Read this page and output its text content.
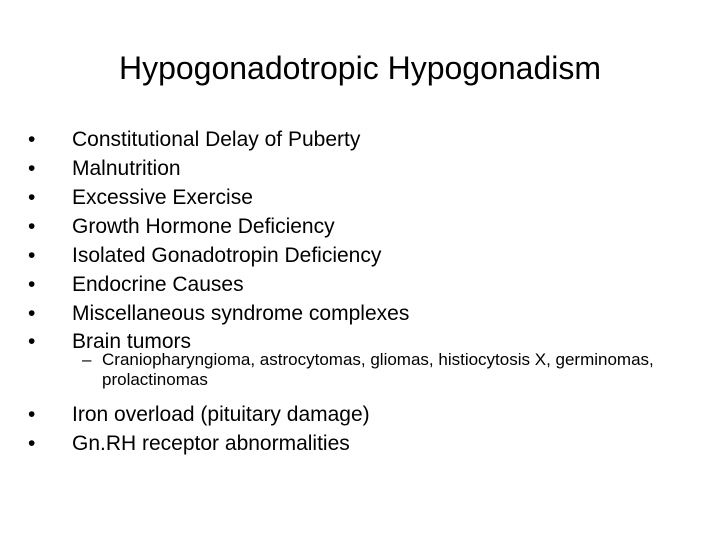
Hypogonadotropic Hypogonadism
•	Constitutional Delay of Puberty
•	Malnutrition
•	Excessive Exercise
•	Growth Hormone Deficiency
•	Isolated Gonadotropin Deficiency
•	Endocrine Causes
•	Miscellaneous syndrome complexes
•	Brain tumors
– Craniopharyngioma, astrocytomas, gliomas, histiocytosis X, germinomas, prolactinomas
•	Iron overload (pituitary damage)
•	Gn.RH receptor abnormalities
